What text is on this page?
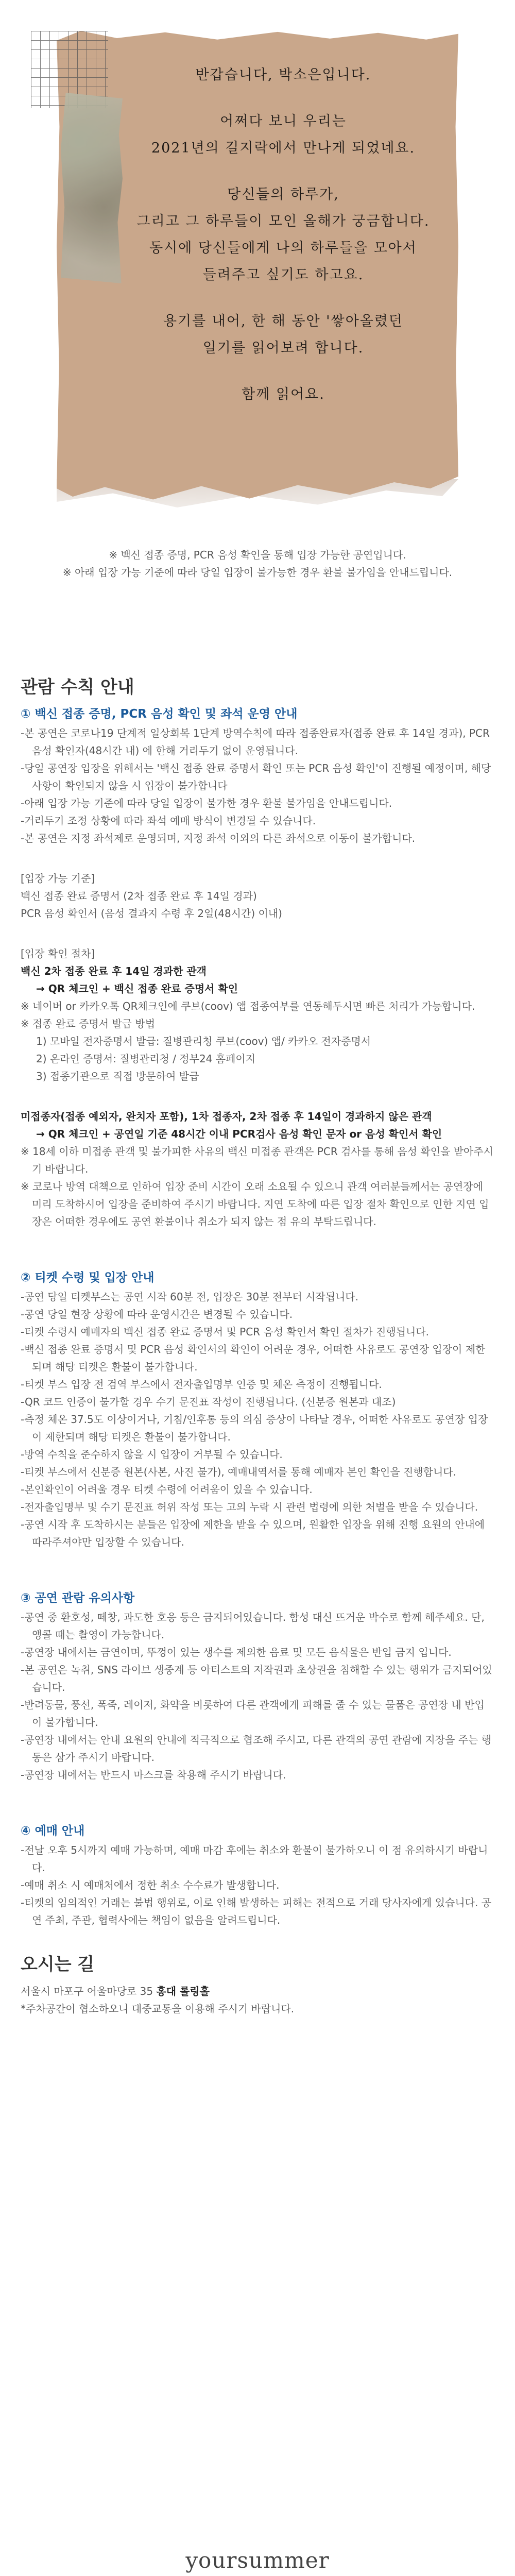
반갑습니다, 박소은입니다.
어쩌다 보니 우리는
2021년의 길지락에서 만나게 되었네요.
당신들의 하루가,
그리고 그 하루들이 모인 올해가 궁금합니다.
동시에 당신들에게 나의 하루들을 모아서
들려주고 싶기도 하고요.
용기를 내어, 한 해 동안 '쌓아올렸던
일기를 읽어보려 합니다.
함께 읽어요.
※ 백신 접종 증명, PCR 음성 확인을 통해 입장 가능한 공연입니다.
※ 아래 입장 가능 기준에 따라 당일 입장이 불가능한 경우 환불 불가임을 안내드립니다.
관람 수칙 안내
① 백신 접종 증명, PCR 음성 확인 및 좌석 운영 안내
-본 공연은 코로나19 단계적 일상회복 1단계 방역수칙에 따라 접종완료자(접종 완료 후 14일 경과), PCR 음성 확인자(48시간 내) 에 한해 거리두기 없이 운영됩니다.
-당일 공연장 입장을 위해서는 '백신 접종 완료 증명서 확인 또는 PCR 음성 확인'이 진행될 예정이며, 해당 사항이 확인되지 않을 시 입장이 불가합니다
-아래 입장 가능 기준에 따라 당일 입장이 불가한 경우 환불 불가임을 안내드립니다.
-거리두기 조정 상황에 따라 좌석 예매 방식이 변경될 수 있습니다.
-본 공연은 지정 좌석제로 운영되며, 지정 좌석 이외의 다른 좌석으로 이동이 불가합니다.
[입장 가능 기준]
백신 접종 완료 증명서 (2차 접종 완료 후 14일 경과)
PCR 음성 확인서 (음성 결과지 수령 후 2일(48시간) 이내)
[입장 확인 절차]
백신 2차 접종 완료 후 14일 경과한 관객
→ QR 체크인 + 백신 접종 완료 증명서 확인
※ 네이버 or 카카오톡 QR체크인에 쿠브(coov) 앱 접종여부를 연동해두시면 빠른 처리가 가능합니다.
※ 접종 완료 증명서 발급 방법
1) 모바일 전자증명서 발급: 질병관리청 쿠브(coov) 앱/ 카카오 전자증명서
2) 온라인 증명서: 질병관리청 / 정부24 홈페이지
3) 접종기관으로 직접 방문하여 발급
미접종자(접종 예외자, 완치자 포함), 1차 접종자, 2차 접종 후 14일이 경과하지 않은 관객
→ QR 체크인 + 공연일 기준 48시간 이내 PCR검사 음성 확인 문자 or 음성 확인서 확인
※ 18세 이하 미접종 관객 및 불가피한 사유의 백신 미접종 관객은 PCR 검사를 통해 음성 확인을 받아주시기 바랍니다.
※ 코로나 방역 대책으로 인하여 입장 준비 시간이 오래 소요될 수 있으니 관객 여러분들께서는 공연장에 미리 도착하시어 입장을 준비하여 주시기 바랍니다. 지연 도착에 따른 입장 절차 확인으로 인한 지연 입장은 어떠한 경우에도 공연 환불이나 취소가 되지 않는 점 유의 부탁드립니다.
② 티켓 수령 및 입장 안내
-공연 당일 티켓부스는 공연 시작 60분 전, 입장은 30분 전부터 시작됩니다.
-공연 당일 현장 상황에 따라 운영시간은 변경될 수 있습니다.
-티켓 수령시 예매자의 백신 접종 완료 증명서 및 PCR 음성 확인서 확인 절차가 진행됩니다.
-백신 접종 완료 증명서 및 PCR 음성 확인서의 확인이 어려운 경우, 어떠한 사유로도 공연장 입장이 제한되며 해당 티켓은 환불이 불가합니다.
-티켓 부스 입장 전 검역 부스에서 전자출입명부 인증 및 체온 측정이 진행됩니다.
-QR 코드 인증이 불가할 경우 수기 문진표 작성이 진행됩니다. (신분증 원본과 대조)
-측정 체온 37.5도 이상이거나, 기침/인후통 등의 의심 증상이 나타날 경우, 어떠한 사유로도 공연장 입장이 제한되며 해당 티켓은 환불이 불가합니다.
-방역 수칙을 준수하지 않을 시 입장이 거부될 수 있습니다.
-티켓 부스에서 신분증 원본(사본, 사진 불가), 예매내역서를 통해 예매자 본인 확인을 진행합니다.
-본인확인이 어려울 경우 티켓 수령에 어려움이 있을 수 있습니다.
-전자출입명부 및 수기 문진표 허위 작성 또는 고의 누락 시 관련 법령에 의한 처벌을 받을 수 있습니다.
-공연 시작 후 도착하시는 분들은 입장에 제한을 받을 수 있으며, 원활한 입장을 위해 진행 요원의 안내에 따라주셔야만 입장할 수 있습니다.
③ 공연 관람 유의사항
-공연 중 환호성, 떼창, 과도한 호응 등은 금지되어있습니다. 함성 대신 뜨거운 박수로 함께 해주세요. 단, 앵콜 때는 촬영이 가능합니다.
-공연장 내에서는 금연이며, 뚜껑이 있는 생수를 제외한 음료 및 모든 음식물은 반입 금지 입니다.
-본 공연은 녹취, SNS 라이브 생중계 등 아티스트의 저작권과 초상권을 침해할 수 있는 행위가 금지되어있습니다.
-반려동물, 풍선, 폭죽, 레이저, 화약을 비롯하여 다른 관객에게 피해를 줄 수 있는 물품은 공연장 내 반입이 불가합니다.
-공연장 내에서는 안내 요원의 안내에 적극적으로 협조해 주시고, 다른 관객의 공연 관람에 지장을 주는 행동은 삼가 주시기 바랍니다.
-공연장 내에서는 반드시 마스크를 착용해 주시기 바랍니다.
④ 예매 안내
-전날 오후 5시까지 예매 가능하며, 예매 마감 후에는 취소와 환불이 불가하오니 이 점 유의하시기 바랍니다.
-예매 취소 시 예매처에서 정한 취소 수수료가 발생합니다.
-티켓의 임의적인 거래는 불법 행위로, 이로 인해 발생하는 피해는 전적으로 거래 당사자에게 있습니다. 공연 주최, 주관, 협력사에는 책임이 없음을 알려드립니다.
오시는 길
서울시 마포구 어울마당로 35 홍대 롤링홀
*주차공간이 협소하오니 대중교통을 이용해 주시기 바랍니다.
yoursummer
